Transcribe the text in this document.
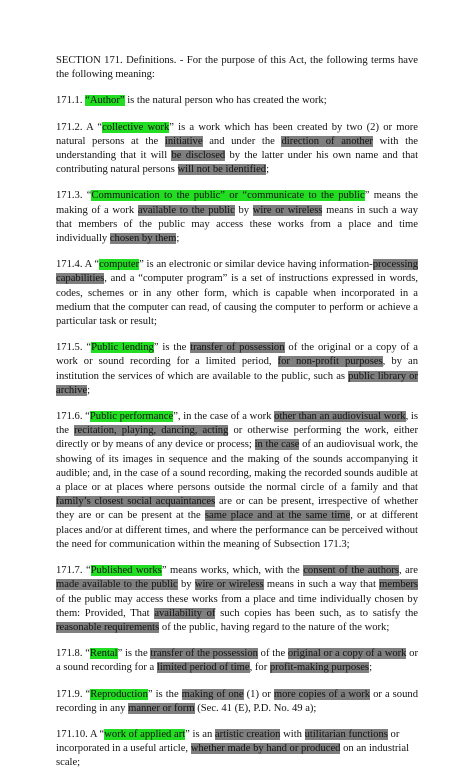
SECTION 171. Definitions. - For the purpose of this Act, the following terms have the following meaning:

171.1. “Author” is the natural person who has created the work;

171.2. A “collective work” is a work which has been created by two (2) or more natural persons at the initiative and under the direction of another with the understanding that it will be disclosed by the latter under his own name and that contributing natural persons will not be identified;

171.3. “Communication to the public” or “communicate to the public” means the making of a work available to the public by wire or wireless means in such a way that members of the public may access these works from a place and time individually chosen by them;

171.4. A “computer” is an electronic or similar device having information-processing capabilities, and a “computer program” is a set of instructions expressed in words, codes, schemes or in any other form, which is capable when incorporated in a medium that the computer can read, of causing the computer to perform or achieve a particular task or result;

171.5. “Public lending” is the transfer of possession of the original or a copy of a work or sound recording for a limited period, for non-profit purposes, by an institution the services of which are available to the public, such as public library or archive;

171.6. “Public performance”, in the case of a work other than an audiovisual work, is the recitation, playing, dancing, acting or otherwise performing the work, either directly or by means of any device or process; in the case of an audiovisual work, the showing of its images in sequence and the making of the sounds accompanying it audible; and, in the case of a sound recording, making the recorded sounds audible at a place or at places where persons outside the normal circle of a family and that family’s closest social acquaintances are or can be present, irrespective of whether they are or can be present at the same place and at the same time, or at different places and/or at different times, and where the performance can be perceived without the need for communication within the meaning of Subsection 171.3;

171.7. “Published works” means works, which, with the consent of the authors, are made available to the public by wire or wireless means in such a way that members of the public may access these works from a place and time individually chosen by them: Provided, That availability of such copies has been such, as to satisfy the reasonable requirements of the public, having regard to the nature of the work;

171.8. “Rental” is the transfer of the possession of the original or a copy of a work or a sound recording for a limited period of time, for profit-making purposes;

171.9. “Reproduction” is the making of one (1) or more copies of a work or a sound recording in any manner or form (Sec. 41 (E), P.D. No. 49 a);

171.10. A “work of applied art” is an artistic creation with utilitarian functions or incorporated in a useful article, whether made by hand or produced on an industrial scale;
